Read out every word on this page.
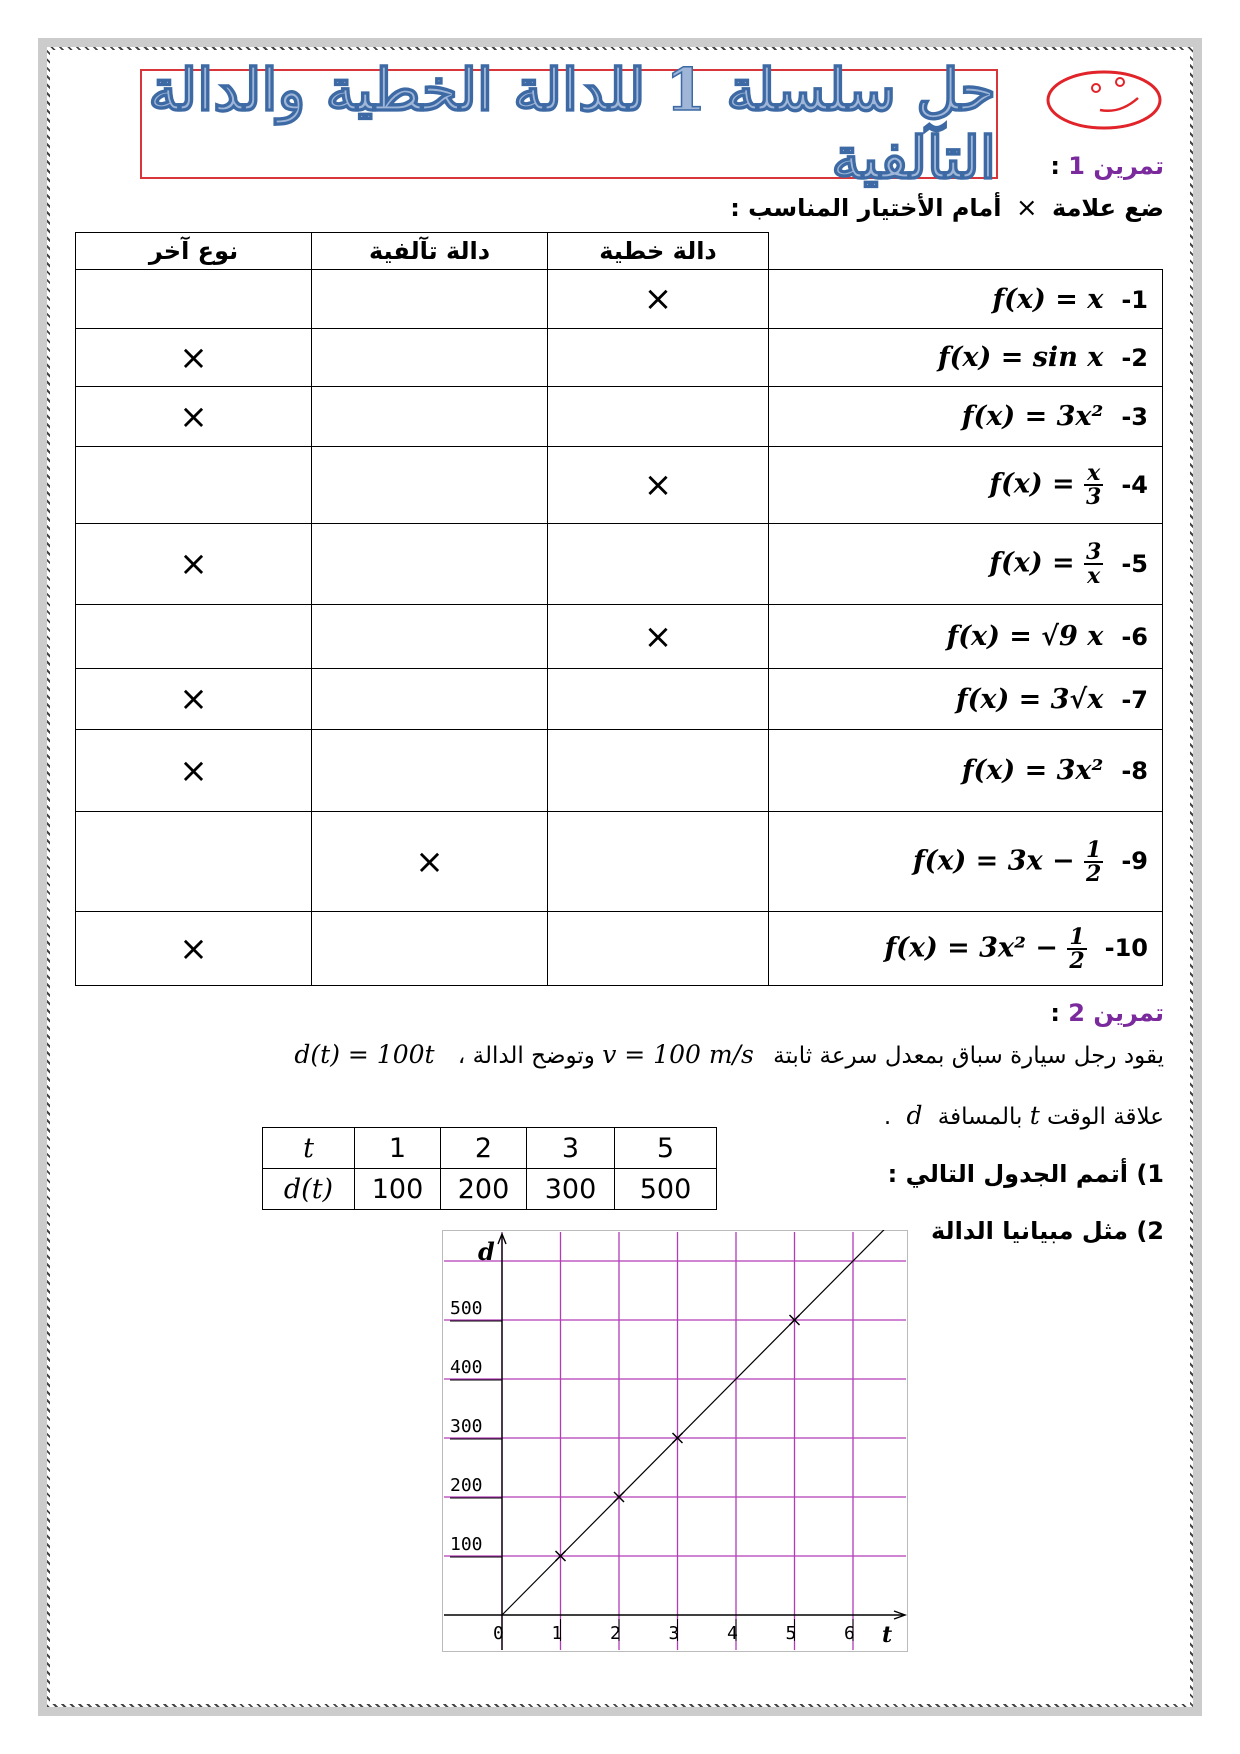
حل سلسلة 1 للدالة الخطية والدالة التآلفية	تمرين 1 :
ضع علامة × أمام الأختيار المناسب :
نوع آخر	دالة تآلفية	دالة خطية	
		×	f(x) = x -1
×			f(x) = sin x -2
×			f(x) = 3x² -3
		×	$f(x) = \frac{x}{3} -4$
×			$f(x) = \frac{3}{x} -5$
		×	f(x) = √9 x -6
×			f(x) = 3√x -7
×			f(x) = 3x² -8
	×		$f(x) = 3x - \frac{1}{2} -9$
×			$f(x) = 3x^2 - \frac{1}{2} -10$
تمرين 2 :
d(t) = 100t ، وتوضح الدالة v = 100 m/s يقود رجل سيارة سباق بمعدل سرعة ثابتة
علاقة الوقت t بالمسافة d .
1) أتمم الجدول التالي :
2) مثل مبيانيا الدالة
t	1	2	3	5
d(t)	100	200	300	500
0	1	2	3	4	5	6
100
200
300
400
500
d
t
